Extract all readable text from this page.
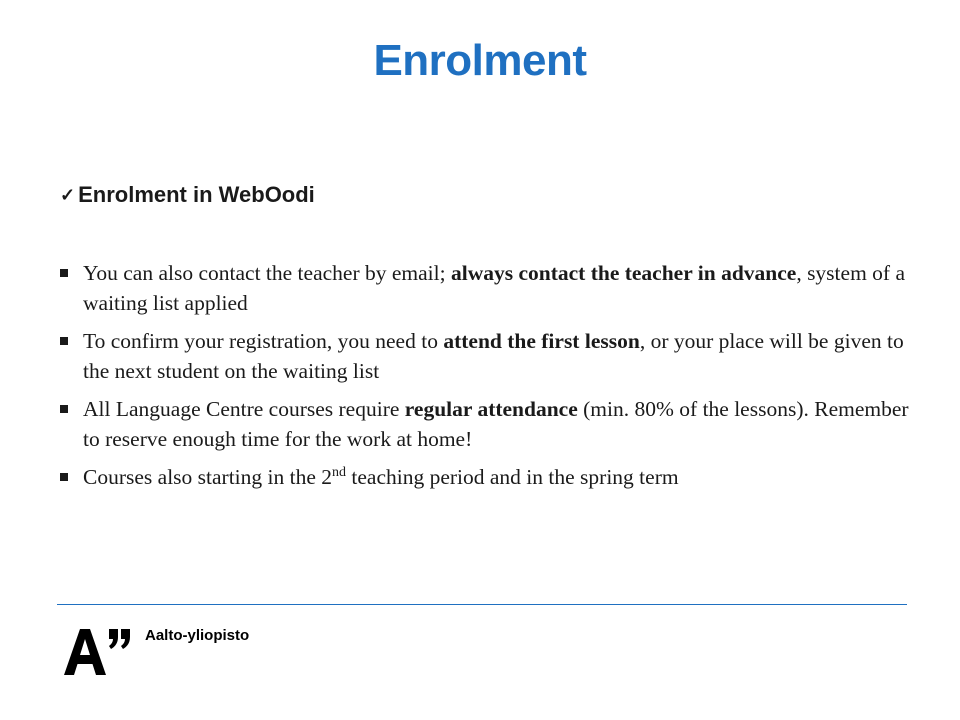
Enrolment
✓ Enrolment in WebOodi
You can also contact the teacher by email; always contact the teacher in advance, system of a waiting list applied
To confirm your registration, you need to attend the first lesson, or your place will be given to the next student on the waiting list
All Language Centre courses require regular attendance (min. 80% of the lessons). Remember to reserve enough time for the work at home!
Courses also starting in the 2nd teaching period and in the spring term
Aalto-yliopisto
